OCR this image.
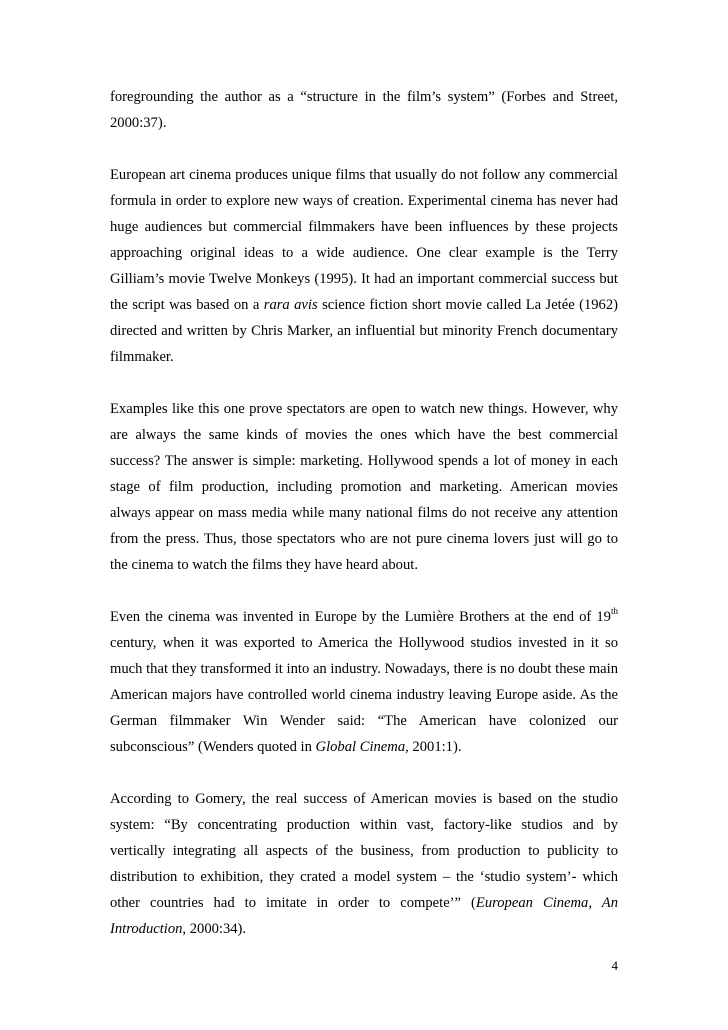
foregrounding the author as a “structure in the film’s system” (Forbes and Street, 2000:37).

European art cinema produces unique films that usually do not follow any commercial formula in order to explore new ways of creation. Experimental cinema has never had huge audiences but commercial filmmakers have been influences by these projects approaching original ideas to a wide audience. One clear example is the Terry Gilliam’s movie Twelve Monkeys (1995). It had an important commercial success but the script was based on a rara avis science fiction short movie called La Jetée (1962) directed and written by Chris Marker, an influential but minority French documentary filmmaker.

Examples like this one prove spectators are open to watch new things. However, why are always the same kinds of movies the ones which have the best commercial success? The answer is simple: marketing. Hollywood spends a lot of money in each stage of film production, including promotion and marketing. American movies always appear on mass media while many national films do not receive any attention from the press. Thus, those spectators who are not pure cinema lovers just will go to the cinema to watch the films they have heard about.

Even the cinema was invented in Europe by the Lumière Brothers at the end of 19th century, when it was exported to America the Hollywood studios invested in it so much that they transformed it into an industry. Nowadays, there is no doubt these main American majors have controlled world cinema industry leaving Europe aside. As the German filmmaker Win Wender said: “The American have colonized our subconscious” (Wenders quoted in Global Cinema, 2001:1).

According to Gomery, the real success of American movies is based on the studio system: “By concentrating production within vast, factory-like studios and by vertically integrating all aspects of the business, from production to publicity to distribution to exhibition, they crated a model system – the ‘studio system’- which other countries had to imitate in order to compete’” (European Cinema, An Introduction, 2000:34).

4
